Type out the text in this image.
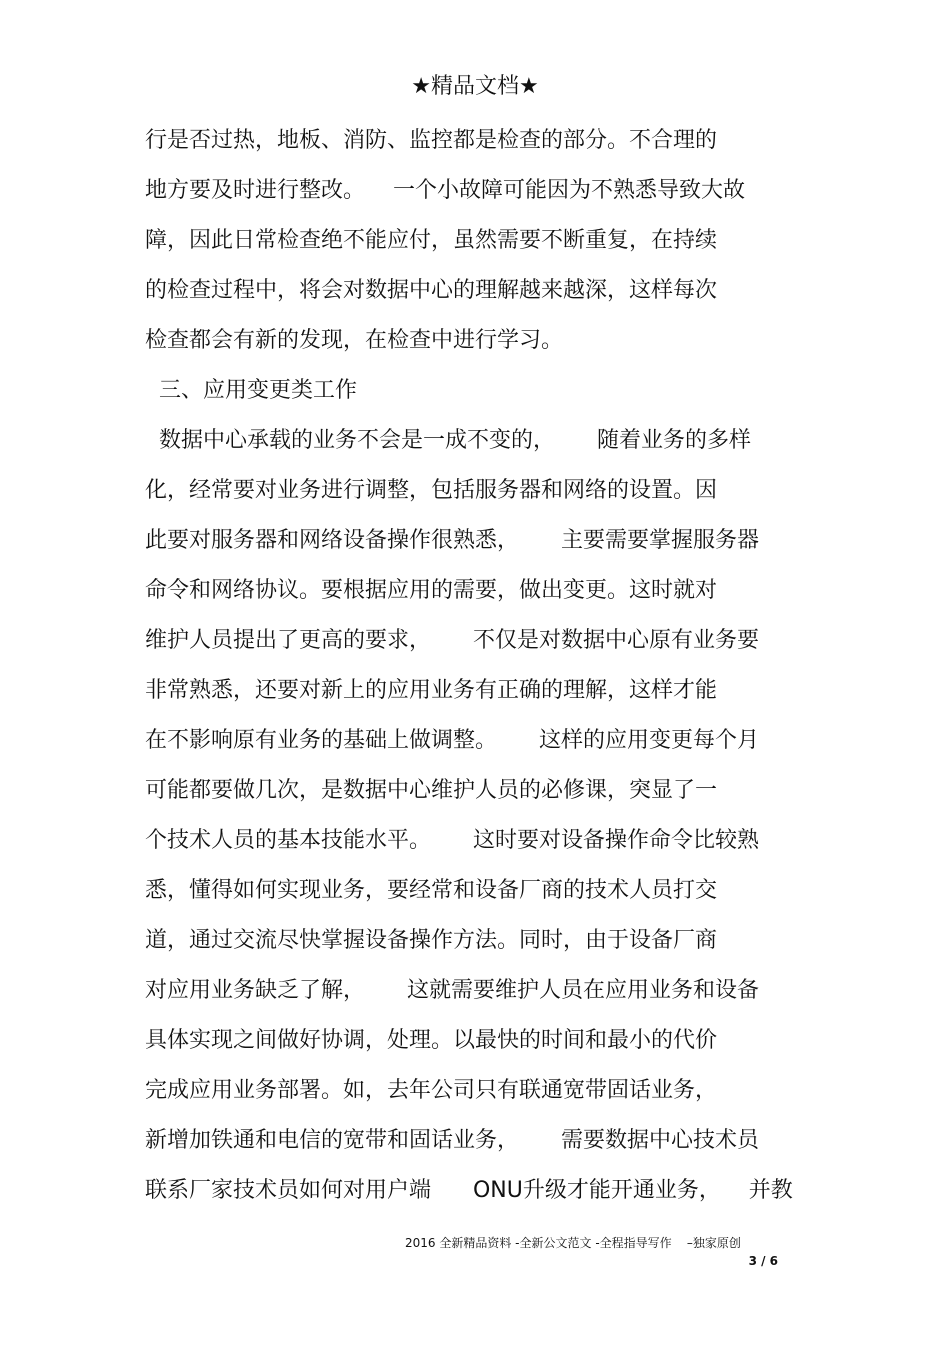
★精品文档★
行是否过热，地板、消防、监控都是检查的部分。不合理的
地方要及时进行整改。    一个小故障可能因为不熟悉导致大故
障，因此日常检查绝不能应付，虽然需要不断重复，在持续
的检查过程中，将会对数据中心的理解越来越深，这样每次
检查都会有新的发现，在检查中进行学习。
三、应用变更类工作
数据中心承载的业务不会是一成不变的，      随着业务的多样
化，经常要对业务进行调整，包括服务器和网络的设置。因
此要对服务器和网络设备操作很熟悉，      主要需要掌握服务器
命令和网络协议。要根据应用的需要，做出变更。这时就对
维护人员提出了更高的要求，      不仅是对数据中心原有业务要
非常熟悉，还要对新上的应用业务有正确的理解，这样才能
在不影响原有业务的基础上做调整。      这样的应用变更每个月
可能都要做几次，是数据中心维护人员的必修课，突显了一
个技术人员的基本技能水平。      这时要对设备操作命令比较熟
悉，懂得如何实现业务，要经常和设备厂商的技术人员打交
道，通过交流尽快掌握设备操作方法。同时，由于设备厂商
对应用业务缺乏了解，      这就需要维护人员在应用业务和设备
具体实现之间做好协调，处理。以最快的时间和最小的代价
完成应用业务部署。如，去年公司只有联通宽带固话业务，
新增加铁通和电信的宽带和固话业务，      需要数据中心技术员
联系厂家技术员如何对用户端      ONU升级才能开通业务，    并教
2016 全新精品资料 -全新公文范文 -全程指导写作    –独家原创
3 / 6
